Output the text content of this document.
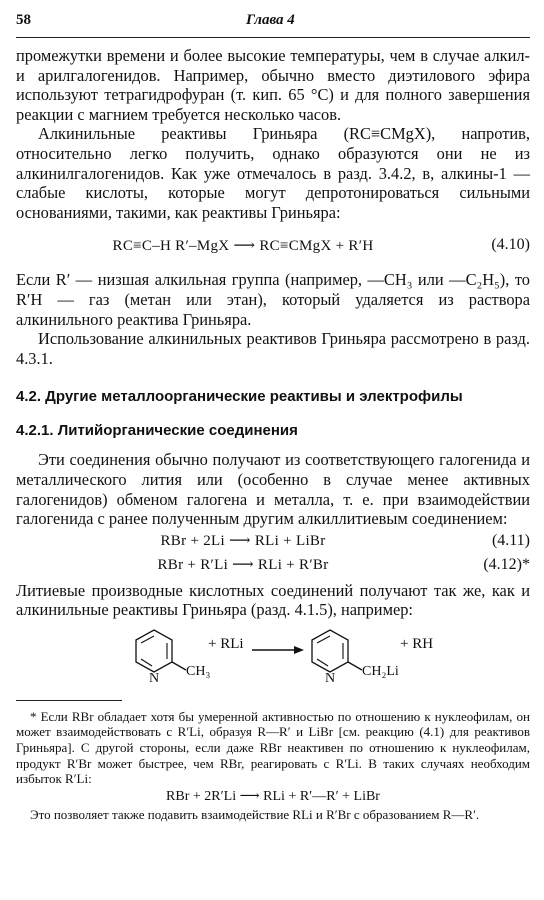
58	Глава 4

промежутки времени и более высокие температуры, чем в случае алкил- и арилгалогенидов. Например, обычно вместо диэтилового эфира используют тетрагидрофуран (т. кип. 65 °C) и для полного завершения реакции с магнием требуется несколько часов.

Алкинильные реактивы Гриньяра (RC≡CMgX), напротив, относительно легко получить, однако образуются они не из алкинилгалогенидов. Как уже отмечалось в разд. 3.4.2, в, алкины-1 — слабые кислоты, которые могут депротонироваться сильными основаниями, такими, как реактивы Гриньяра:

RC≡C–H R′–MgX ⟶ RC≡CMgX + R′H	(4.10)

Если R′ — низшая алкильная группа (например, —CH₃ или —C₂H₅), то R′H — газ (метан или этан), который удаляется из раствора алкинильного реактива Гриньяра.

Использование алкинильных реактивов Гриньяра рассмотрено в разд. 4.3.1.

4.2. Другие металлоорганические реактивы и электрофилы

4.2.1. Литийорганические соединения

Эти соединения обычно получают из соответствующего галогенида и металлического лития или (особенно в случае менее активных галогенидов) обменом галогена и металла, т. е. при взаимодействии галогенида с ранее полученным другим алкиллитиевым соединением:

RBr + 2Li ⟶ RLi + LiBr	(4.11)
RBr + R′Li ⟶ RLi + R′Br	(4.12)*

Литиевые производные кислотных соединений получают так же, как и алкинильные реактивы Гриньяра (разд. 4.1.5), например:

N CH₃
+ RLi
N CH₂Li
+ RH

* Если RBr обладает хотя бы умеренной активностью по отношению к нуклеофилам, он может взаимодействовать с R′Li, образуя R—R′ и LiBr [см. реакцию (4.1) для реактивов Гриньяра]. С другой стороны, если даже RBr неактивен по отношению к нуклеофилам, продукт R′Br может быстрее, чем RBr, реагировать с R′Li. В таких случаях необходим избыток R′Li:

RBr + 2R′Li ⟶ RLi + R′—R′ + LiBr

Это позволяет также подавить взаимодействие RLi и R′Br с образованием R—R′.
